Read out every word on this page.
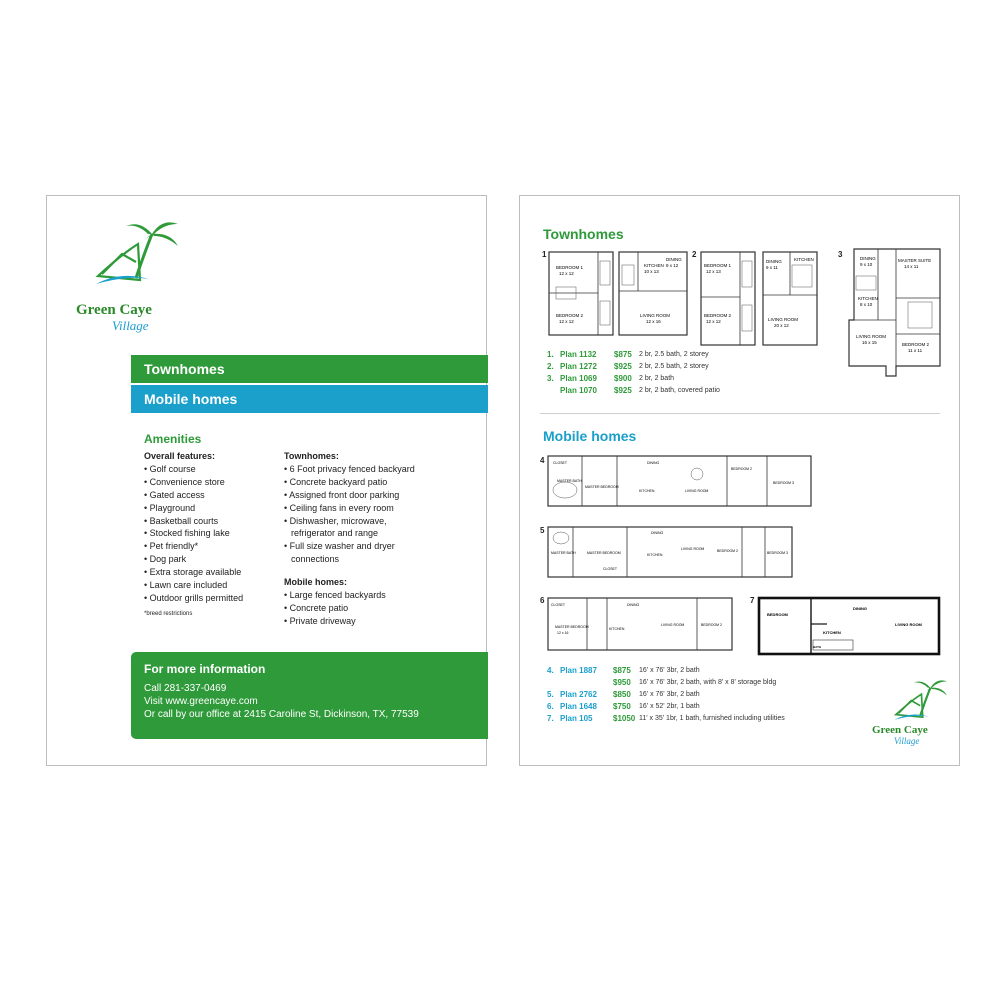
Green Caye
Village
Townhomes
Mobile homes
Amenities
Overall features:
• Golf course
• Convenience store
• Gated access
• Playground
• Basketball courts
• Stocked fishing lake
• Pet friendly*
• Dog park
• Extra storage available
• Lawn care included
• Outdoor grills permitted
*breed restrictions
Townhomes:
• 6 Foot privacy fenced backyard
• Concrete backyard patio
• Assigned front door parking
• Ceiling fans in every room
• Dishwasher, microwave,
refrigerator and range
• Full size washer and dryer
connections
Mobile homes:
• Large fenced backyards
• Concrete patio
• Private driveway
For more information

Call 281-337-0469

Visit www.greencaye.com

Or call by our office at 2415 Caroline St, Dickinson, TX, 77539

Townhomes
1
BEDROOM 1
12 x 12
BEDROOM 2
12 x 12
KITCHEN
10 x 13
DINING
9 x 12
LIVING ROOM
12 x 16
2
BEDROOM 1
12 x 13
BEDROOM 2
12 x 12
DINING
9 x 11
KITCHEN
LIVING ROOM
20 x 12
3	DINING
9 x 10
MASTER SUITE
14 x 11
KITCHEN
8 x 10
LIVING ROOM
16 x 15	BEDROOM 2
11 x 11
1. Plan 1132 $875 2 br, 2.5 bath, 2 storey
2. Plan 1272 $925 2 br, 2.5 bath, 2 storey
3. Plan 1069 $900 2 br, 2 bath
Plan 1070 $925 2 br, 2 bath, covered patio
Mobile homes
4 CLOSET
MASTER BATH
MASTER BEDROOM
DINING
KITCHEN	LIVING ROOM
BEDROOM 2
BEDROOM 3
5
MASTER BATH	MASTER BEDROOM
CLOSET
DINING
KITCHEN
LIVING ROOM	BEDROOM 2	BEDROOM 3
6 CLOSET
MASTER BEDROOM
12 x 16
DINING
KITCHEN
LIVING ROOM	BEDROOM 2
7
BEDROOM
DINING
KITCHEN
LIVING ROOM
BATH
4. Plan 1887 $875 16' x 76' 3br, 2 bath
$950 16' x 76' 3br, 2 bath, with 8' x 8' storage bldg
5. Plan 2762 $850 16' x 76' 3br, 2 bath
6. Plan 1648 $750 16' x 52' 2br, 1 bath
7. Plan 105	$1050 11' x 35' 1br, 1 bath, furnished including utilities
Green Caye
Village
